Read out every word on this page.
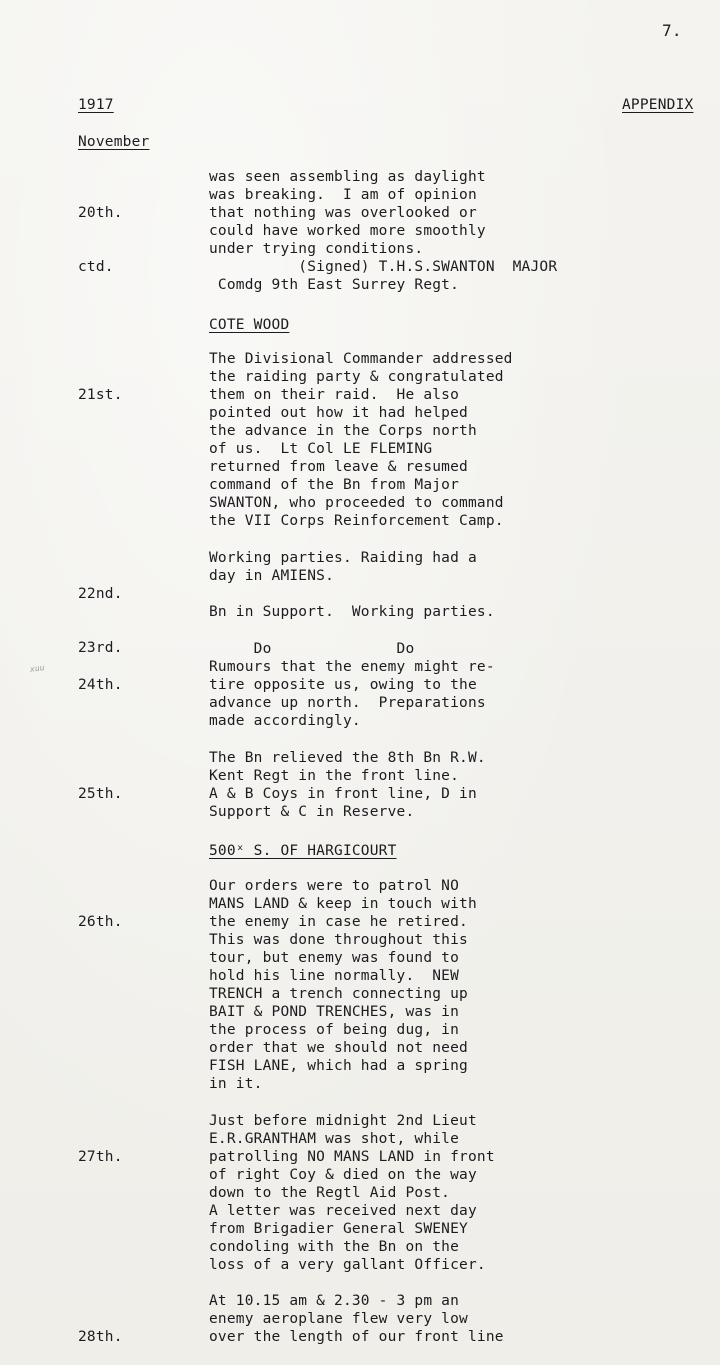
7.
1917	APPENDIX
November

20th.

ctd.

was seen assembling as daylight
was breaking.  I am of opinion
that nothing was overlooked or
could have worked more smoothly
under trying conditions.
(Signed) T.H.S.SWANTON  MAJOR
Comdg 9th East Surrey Regt.
COTE WOOD

21st.

The Divisional Commander addressed
the raiding party & congratulated
them on their raid.  He also
pointed out how it had helped
the advance in the Corps north
of us.  Lt Col LE FLEMING
returned from leave & resumed
command of the Bn from Major
SWANTON, who proceeded to command
the VII Corps Reinforcement Camp.

22nd.

Working parties. Raiding had a
day in AMIENS.

23rd.

Bn in Support.  Working parties.

24th.

Do              Do
Rumours that the enemy might re-
tire opposite us, owing to the
advance up north.  Preparations
made accordingly.
xuu

25th.

The Bn relieved the 8th Bn R.W.
Kent Regt in the front line.
A & B Coys in front line, D in
Support & C in Reserve.
500ˣ S. OF HARGICOURT

26th.

Our orders were to patrol NO
MANS LAND & keep in touch with
the enemy in case he retired.
This was done throughout this
tour, but enemy was found to
hold his line normally.  NEW
TRENCH a trench connecting up
BAIT & POND TRENCHES, was in
the process of being dug, in
order that we should not need
FISH LANE, which had a spring
in it.

27th.

Just before midnight 2nd Lieut
E.R.GRANTHAM was shot, while
patrolling NO MANS LAND in front
of right Coy & died on the way
down to the Regtl Aid Post.
A letter was received next day
from Brigadier General SWENEY
condoling with the Bn on the
loss of a very gallant Officer.

28th.

At 10.15 am & 2.30 - 3 pm an
enemy aeroplane flew very low
over the length of our front line
